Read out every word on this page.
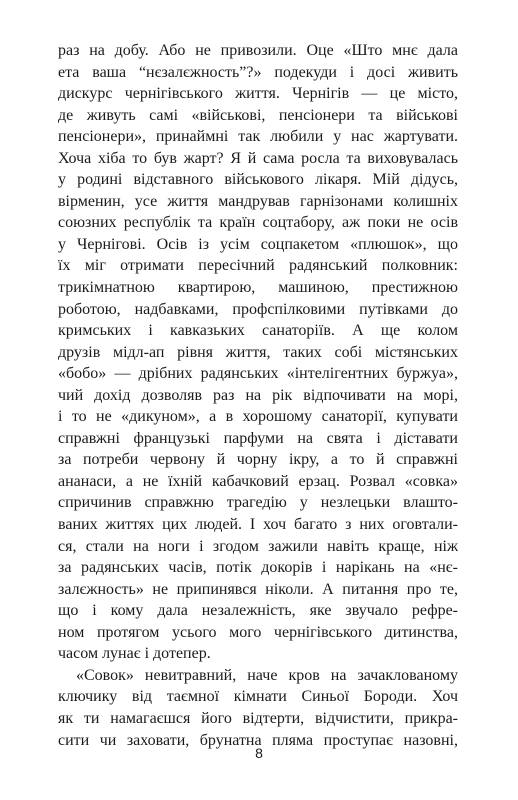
раз на добу. Або не привозили. Оце «Што мнє дала
ета ваша “нєзалєжность”?» подекуди і досі живить
дискурс чернігівського життя. Чернігів — це місто,
де живуть самі «військові, пенсіонери та військові
пенсіонери», принаймні так любили у нас жартувати.
Хоча хіба то був жарт? Я й сама росла та виховувалась
у родині відставного військового лікаря. Мій дідусь,
вірменин, усе життя мандрував гарнізонами колишніх
союзних республік та країн соцтабору, аж поки не осів
у Чернігові. Осів із усім соцпакетом «плюшок», що
їх міг отримати пересічний радянський полковник:
трикімнатною квартирою, машиною, престижною
роботою, надбавками, профспілковими путівками до
кримських і кавказьких санаторіїв. А ще колом
друзів мідл-ап рівня життя, таких собі містянських
«бобо» — дрібних радянських «інтелігентних буржуа»,
чий дохід дозволяв раз на рік відпочивати на морі,
і то не «дикуном», а в хорошому санаторії, купувати
справжні французькі парфуми на свята і діставати
за потреби червону й чорну ікру, а то й справжні
ананаси, а не їхній кабачковий ерзац. Розвал «совка»
спричинив справжню трагедію у незлецьки влашто-
ваних життях цих людей. І хоч багато з них оговтали-
ся, стали на ноги і згодом зажили навіть краще, ніж
за радянських часів, потік докорів і нарікань на «нє-
залєжность» не припинявся ніколи. А питання про те,
що і кому дала незалежність, яке звучало рефре-
ном протягом усього мого чернігівського дитинства,
часом лунає і дотепер.
«Совок» невитравний, наче кров на зачаклованому
ключику від таємної кімнати Синьої Бороди. Хоч
як ти намагаєшся його відтерти, відчистити, прикра-
сити чи заховати, брунатна пляма проступає назовні,
8
